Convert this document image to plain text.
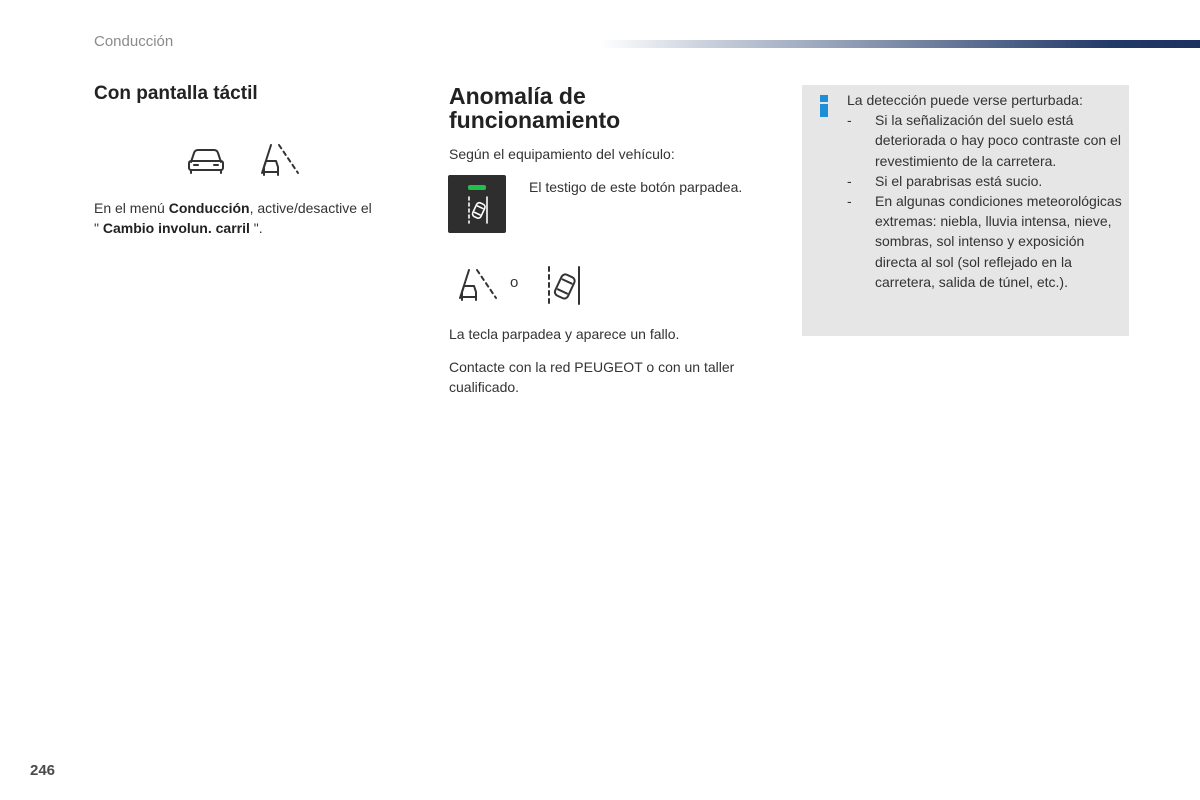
Conducción
Con pantalla táctil

En el menú Conducción, active/desactive el
" Cambio involun. carril ".

Anomalía de
funcionamiento

Según el equipamiento del vehículo:

El testigo de este botón parpadea.

o

La tecla parpadea y aparece un fallo.

Contacte con la red PEUGEOT o con un taller
cualificado.

La detección puede verse perturbada:
- Si la señalización del suelo está deteriorada o hay poco contraste con el revestimiento de la carretera.
- Si el parabrisas está sucio.
- En algunas condiciones meteorológicas extremas: niebla, lluvia intensa, nieve, sombras, sol intenso y exposición directa al sol (sol reflejado en la carretera, salida de túnel, etc.).
246
